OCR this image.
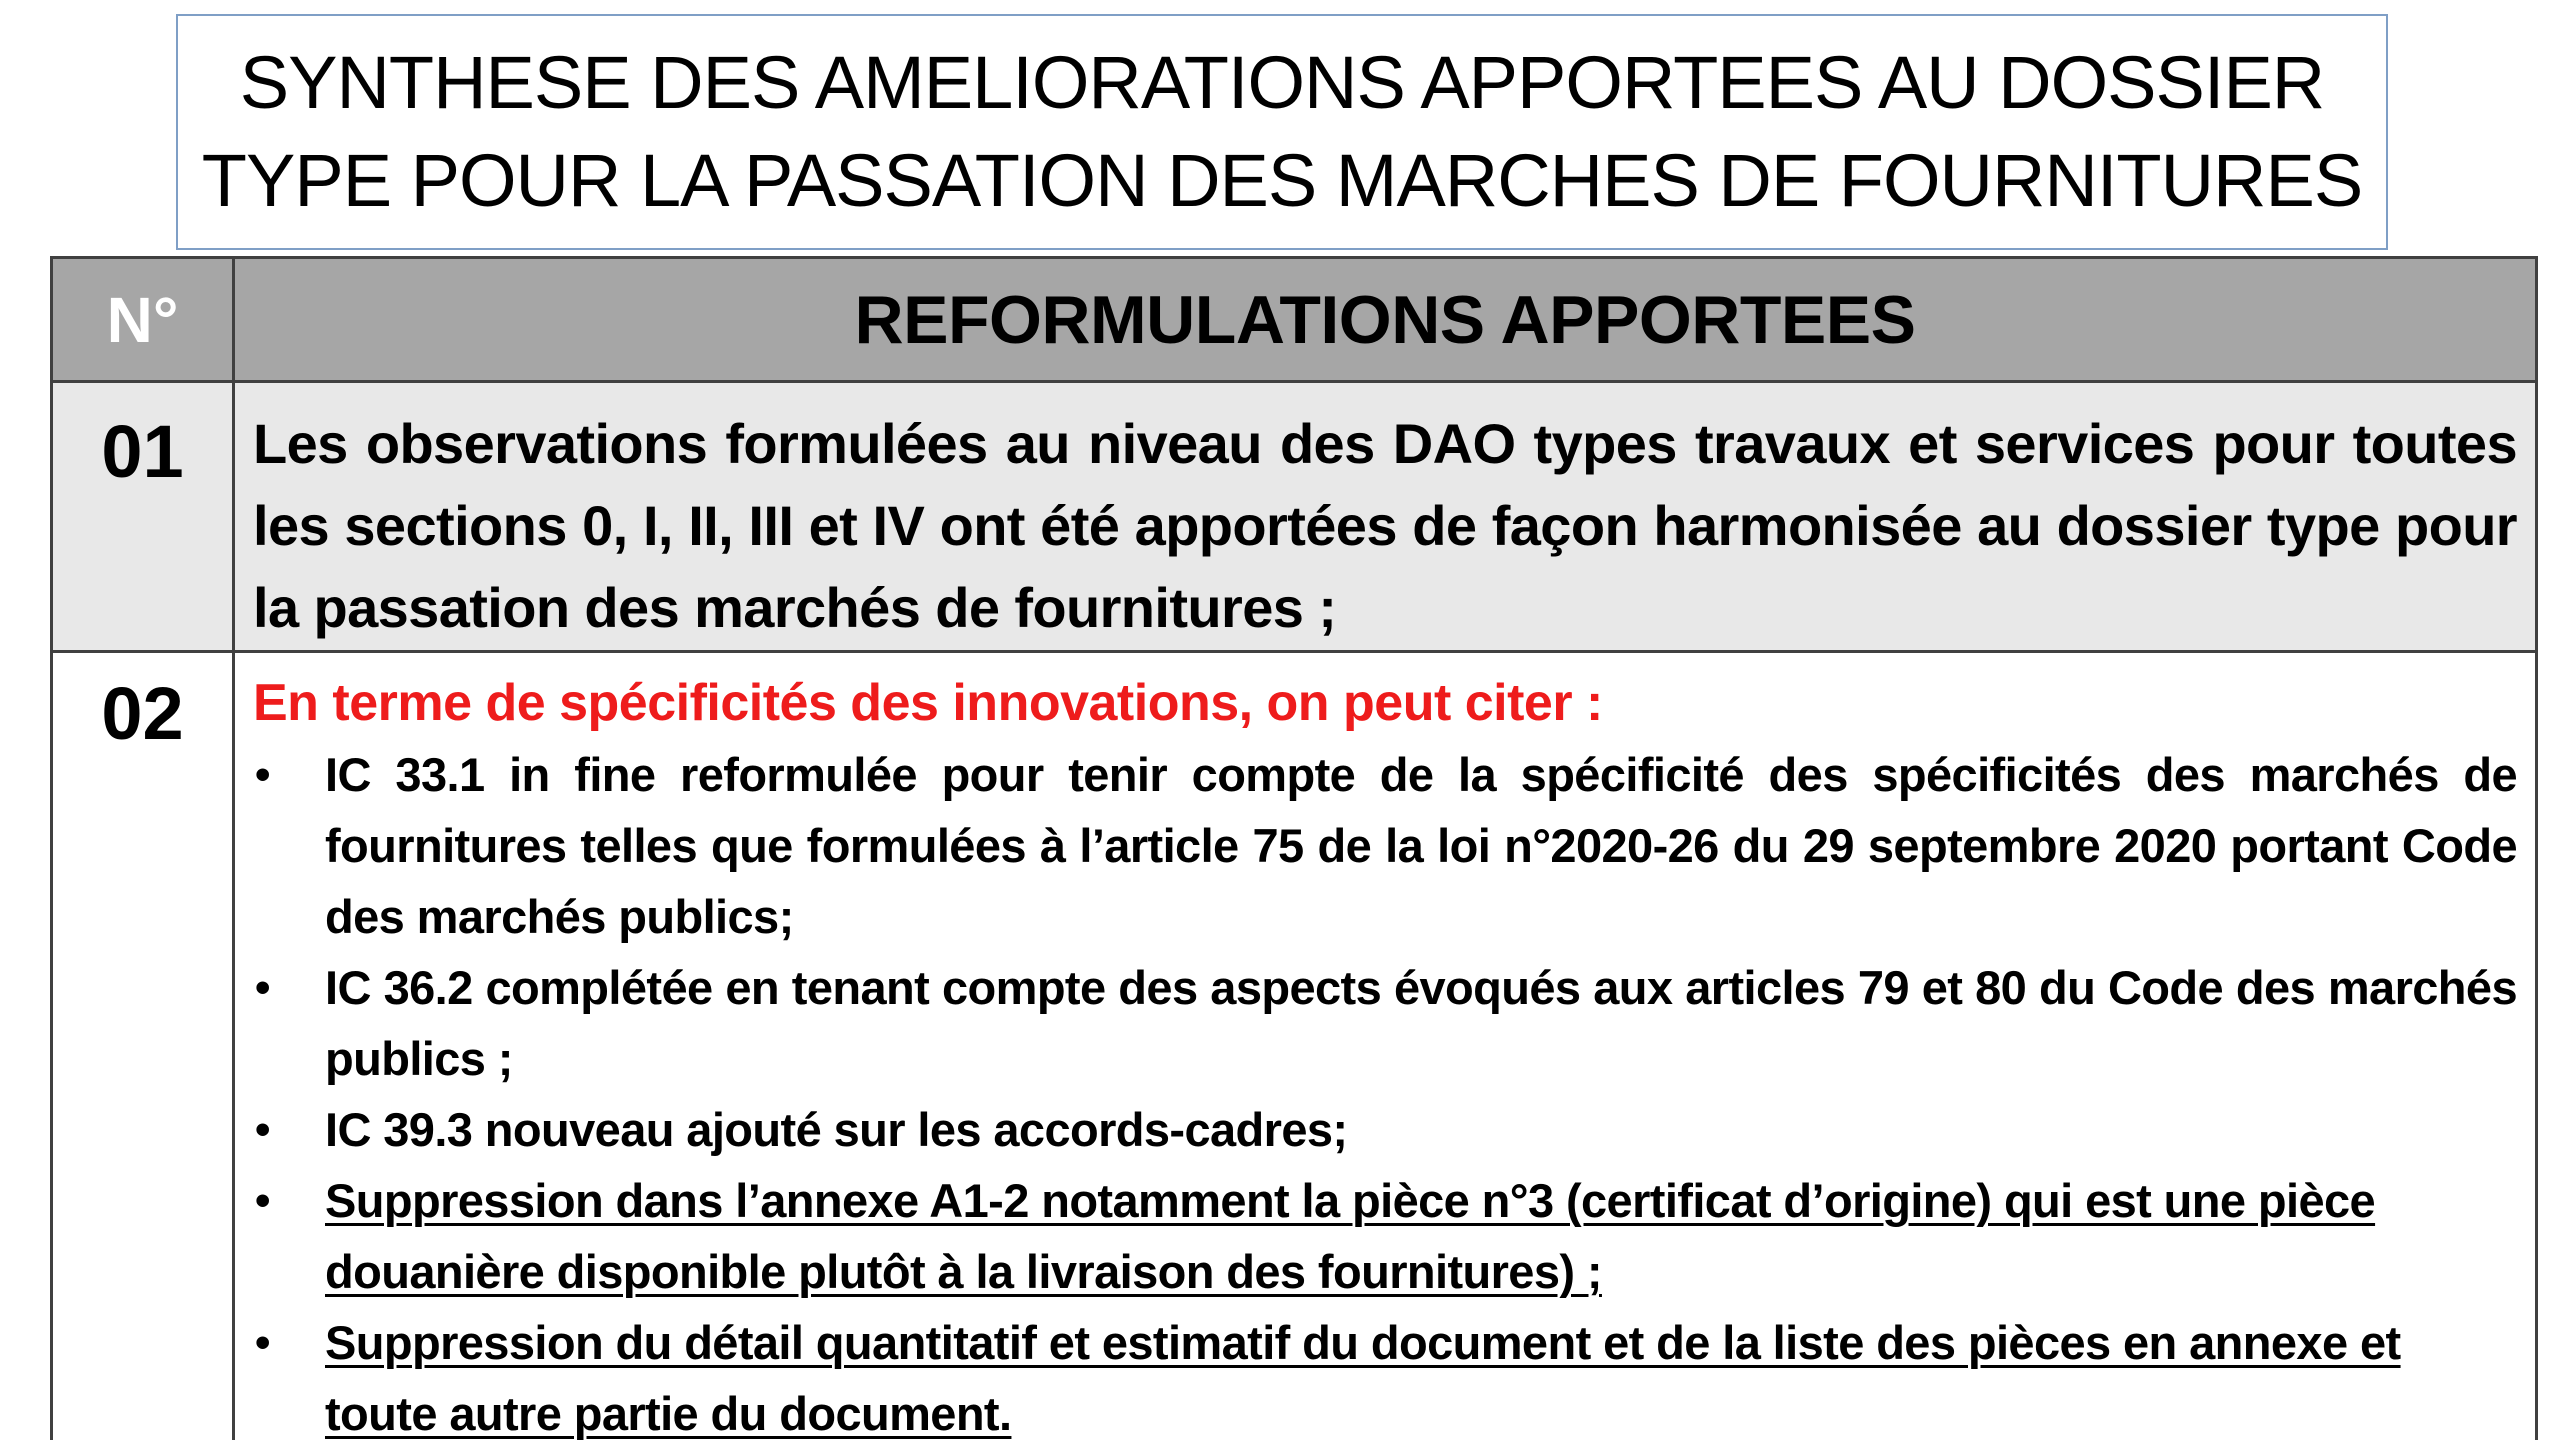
SYNTHESE DES AMELIORATIONS APPORTEES AU DOSSIER
TYPE POUR LA PASSATION DES MARCHES DE FOURNITURES
N°	REFORMULATIONS APPORTEES
01	Les observations formulées au niveau des DAO types travaux et services pour toutes les sections 0, I, II, III et IV ont été apportées de façon harmonisée au dossier type pour la passation des marchés de fournitures ;
02	En terme de spécificités des innovations, on peut citer :
•	IC 33.1 in fine reformulée pour tenir compte de la spécificité des spécificités des marchés de fournitures telles que formulées à l’article 75 de la loi n°2020-26 du 29 septembre 2020 portant Code des marchés publics;
•	IC 36.2 complétée en tenant compte des aspects évoqués aux articles 79 et 80 du Code des marchés publics ;
•	IC 39.3 nouveau ajouté sur les accords-cadres;
•	Suppression dans l’annexe A1-2 notamment la pièce n°3 (certificat d’origine) qui est une pièce douanière disponible plutôt à la livraison des fournitures) ;
•	Suppression du détail quantitatif et estimatif du document et de la liste des pièces en annexe et toute autre partie du document.
